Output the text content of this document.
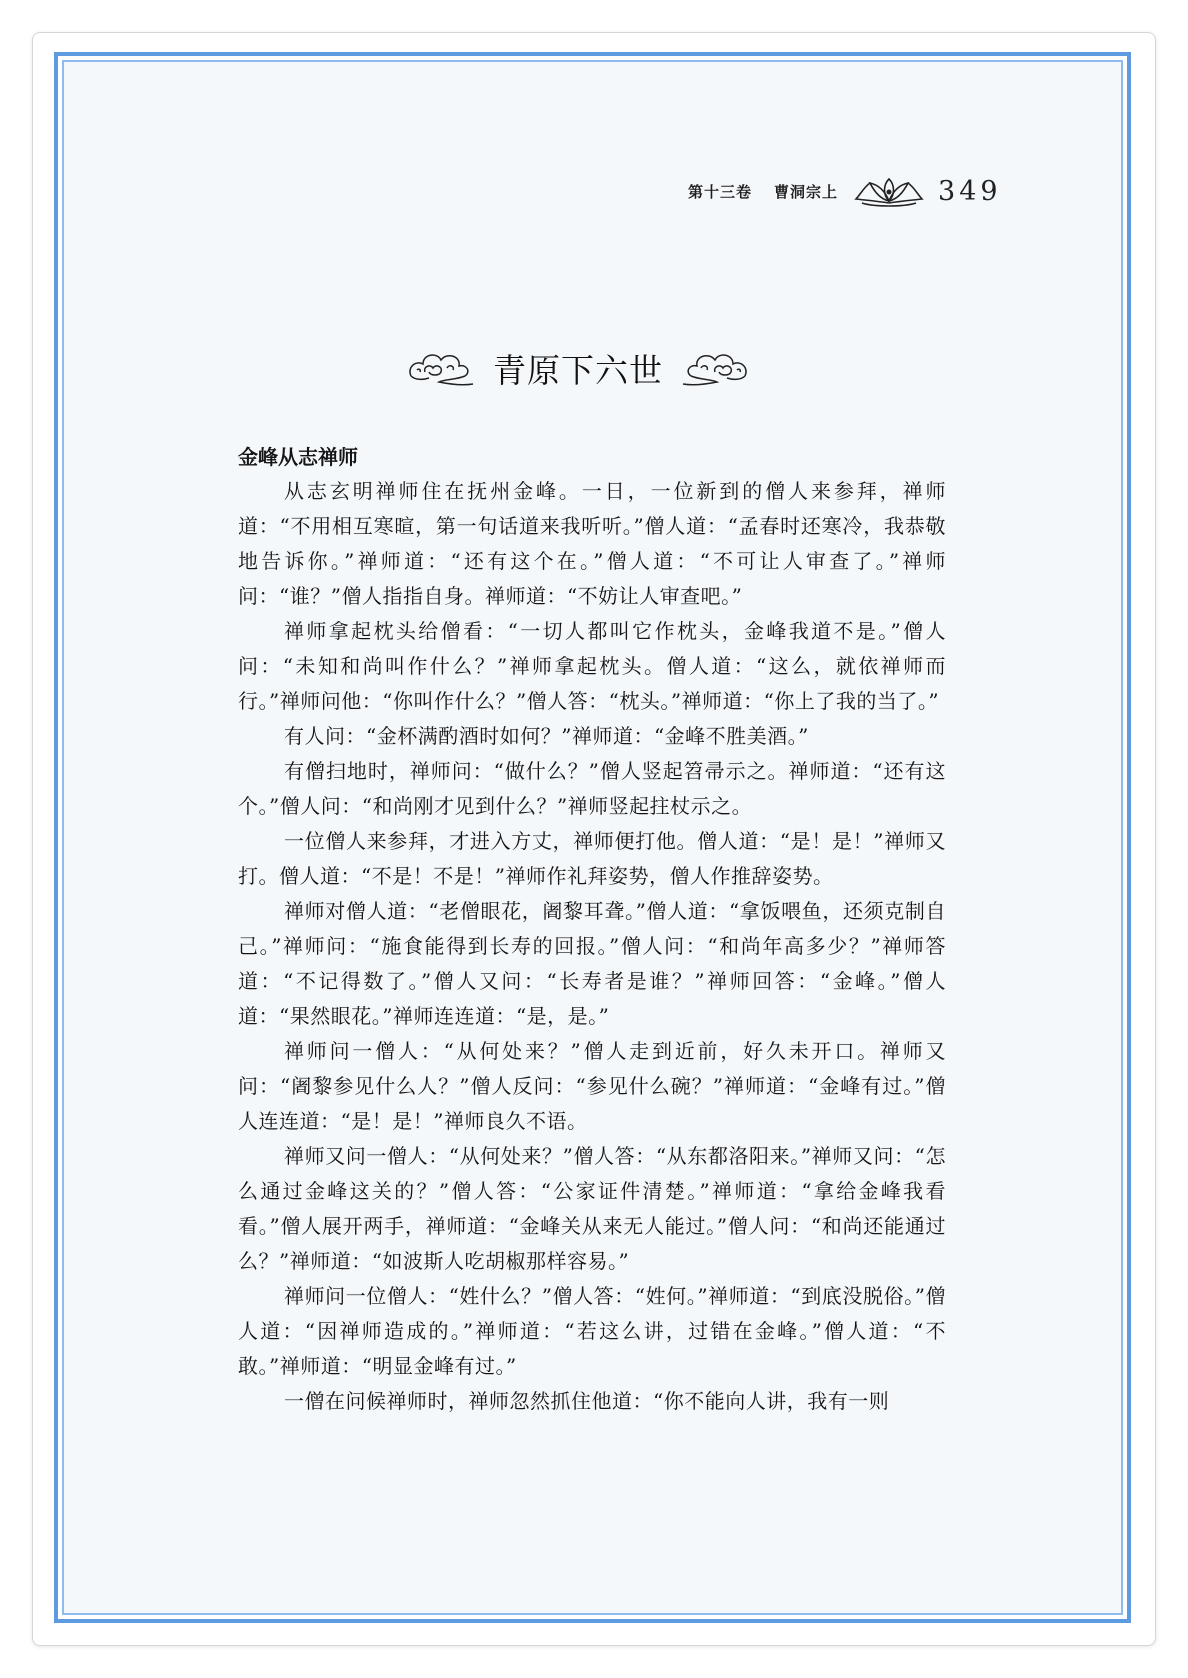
第十三卷 曹洞宗上	349
青原下六世

金峰从志禅师

从志玄明禅师住在抚州金峰。一日，一位新到的僧人来参拜，禅师道：“不用相互寒暄，第一句话道来我听听。”僧人道：“孟春时还寒冷，我恭敬地告诉你。”禅师道：“还有这个在。”僧人道：“不可让人审查了。”禅师问：“谁？”僧人指指自身。禅师道：“不妨让人审查吧。”

禅师拿起枕头给僧看：“一切人都叫它作枕头，金峰我道不是。”僧人问：“未知和尚叫作什么？”禅师拿起枕头。僧人道：“这么，就依禅师而行。”禅师问他：“你叫作什么？”僧人答：“枕头。”禅师道：“你上了我的当了。”

有人问：“金杯满酌酒时如何？”禅师道：“金峰不胜美酒。”

有僧扫地时，禅师问：“做什么？”僧人竖起笤帚示之。禅师道：“还有这个。”僧人问：“和尚刚才见到什么？”禅师竖起拄杖示之。

一位僧人来参拜，才进入方丈，禅师便打他。僧人道：“是！是！”禅师又打。僧人道：“不是！不是！”禅师作礼拜姿势，僧人作推辞姿势。

禅师对僧人道：“老僧眼花，阇黎耳聋。”僧人道：“拿饭喂鱼，还须克制自己。”禅师问：“施食能得到长寿的回报。”僧人问：“和尚年高多少？”禅师答道：“不记得数了。”僧人又问：“长寿者是谁？”禅师回答：“金峰。”僧人道：“果然眼花。”禅师连连道：“是，是。”

禅师问一僧人：“从何处来？”僧人走到近前，好久未开口。禅师又问：“阇黎参见什么人？”僧人反问：“参见什么碗？”禅师道：“金峰有过。”僧人连连道：“是！是！”禅师良久不语。

禅师又问一僧人：“从何处来？”僧人答：“从东都洛阳来。”禅师又问：“怎么通过金峰这关的？”僧人答：“公家证件清楚。”禅师道：“拿给金峰我看看。”僧人展开两手，禅师道：“金峰关从来无人能过。”僧人问：“和尚还能通过么？”禅师道：“如波斯人吃胡椒那样容易。”

禅师问一位僧人：“姓什么？”僧人答：“姓何。”禅师道：“到底没脱俗。”僧人道：“因禅师造成的。”禅师道：“若这么讲，过错在金峰。”僧人道：“不敢。”禅师道：“明显金峰有过。”

一僧在问候禅师时，禅师忽然抓住他道：“你不能向人讲，我有一则
